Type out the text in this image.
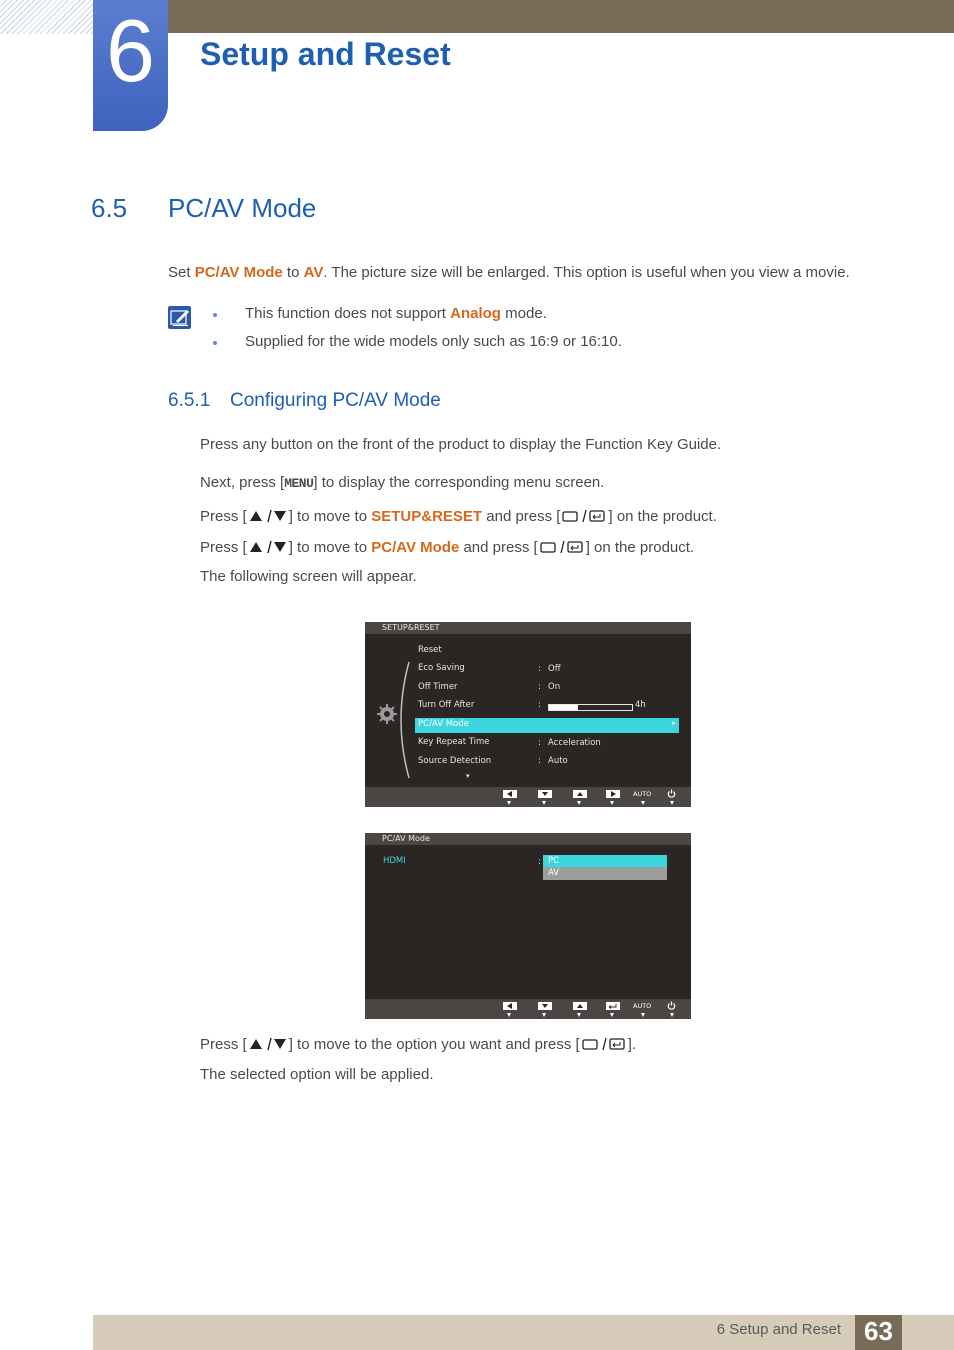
6	Setup and Reset
6.5 PC/AV Mode
Set PC/AV Mode to AV. The picture size will be enlarged. This option is useful when you view a movie.
This function does not support Analog mode.
Supplied for the wide models only such as 16:9 or 16:10.
6.5.1 Configuring PC/AV Mode
Press any button on the front of the product to display the Function Key Guide.
Next, press [MENU] to display the corresponding menu screen.
Press [	] to move to SETUP&RESET and press [	] on the product.
Press [	] to move to PC/AV Mode and press [	] on the product.
The following screen will appear.
SETUP&RESET
Reset
Eco Saving	: Off
Off Timer	: On
Turn Off After	:	4h
PC/AV Mode	▸
Key Repeat Time	: Acceleration
Source Detection	: Auto
▾
AUTO
PC/AV Mode
HDMI	: PC
AV
AUTO
Press [	] to move to the option you want and press [	].
The selected option will be applied.
6 Setup and Reset 63
